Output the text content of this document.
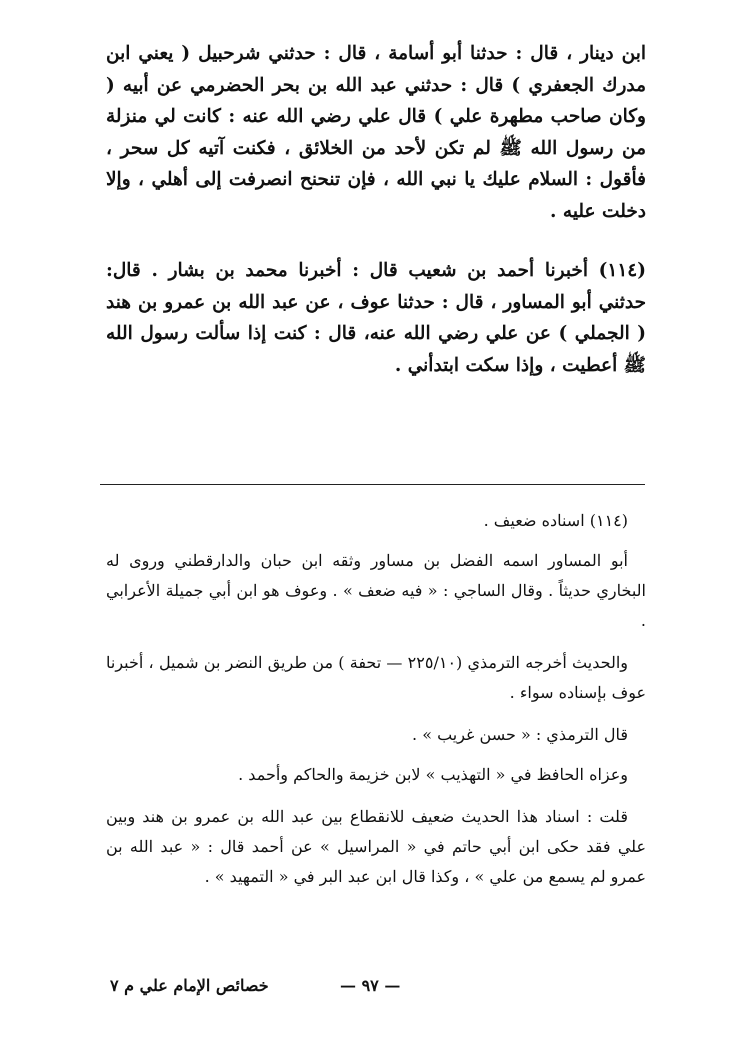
ابن دينار ، قال : حدثنا أبو أسامة ، قال : حدثني شرحبيل ( يعني ابن مدرك الجعفري ) قال : حدثني عبد الله بن بحر الحضرمي عن أبيه ( وكان صاحب مطهرة علي ) قال علي رضي الله عنه : كانت لي منزلة من رسول الله ﷺ لم تكن لأحد من الخلائق ، فكنت آتيه كل سحر ، فأقول : السلام عليك يا نبي الله ، فإن تنحنح انصرفت إلى أهلي ، وإلا دخلت عليه .

(١١٤) أخبرنا أحمد بن شعيب قال : أخبرنا محمد بن بشار . قال: حدثني أبو المساور ، قال : حدثنا عوف ، عن عبد الله بن عمرو بن هند ( الجملي ) عن علي رضي الله عنه، قال : كنت إذا سألت رسول الله ﷺ أعطيت ، وإذا سكت ابتدأني .

(١١٤) اسناده ضعيف .

أبو المساور اسمه الفضل بن مساور وثقه ابن حبان والدارقطني وروى له البخاري حديثاً . وقال الساجي : « فيه ضعف » . وعوف هو ابن أبي جميلة الأعرابي .

والحديث أخرجه الترمذي (٢٢٥/١٠ — تحفة ) من طريق النضر بن شميل ، أخبرنا عوف بإسناده سواء .

قال الترمذي : « حسن غريب » .

وعزاه الحافظ في « التهذيب » لابن خزيمة والحاكم وأحمد .

قلت : اسناد هذا الحديث ضعيف للانقطاع بين عبد الله بن عمرو بن هند وبين علي فقد حكى ابن أبي حاتم في « المراسيل » عن أحمد قال : « عبد الله بن عمرو لم يسمع من علي » ، وكذا قال ابن عبد البر في « التمهيد » .

— ٩٧ —
خصائص الإمام علي م ٧
